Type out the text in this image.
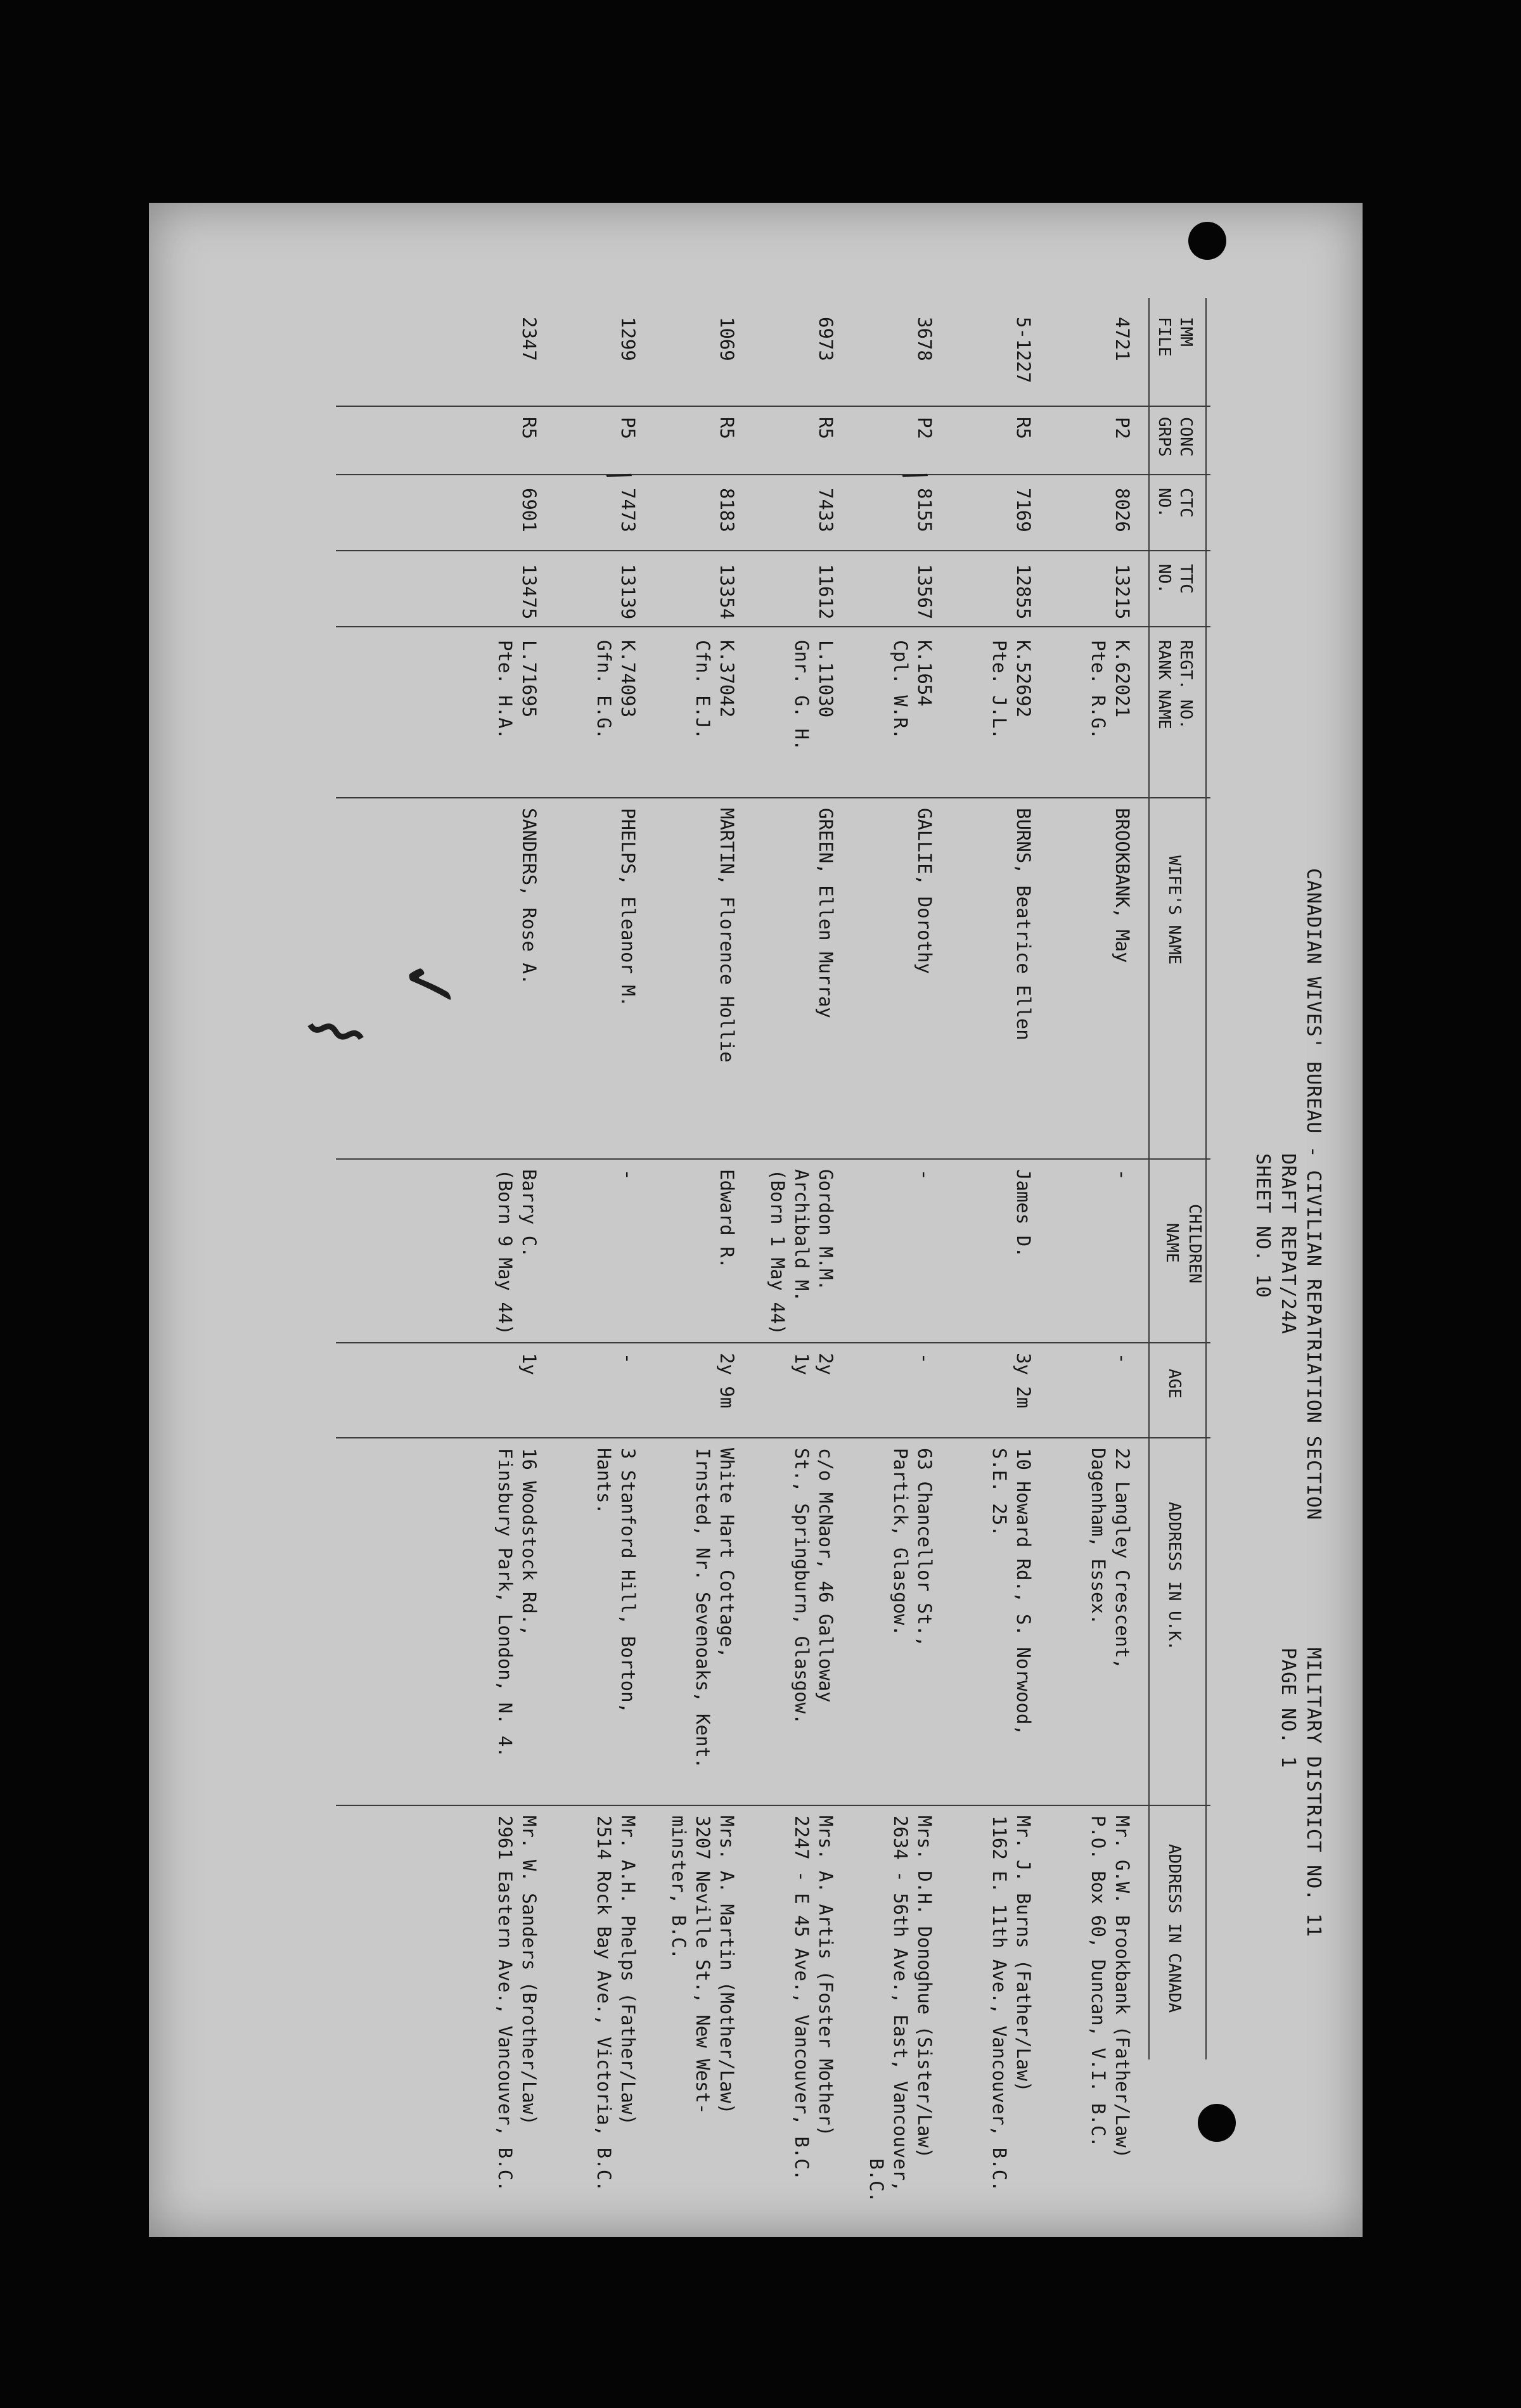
CANADIAN WIVES' BUREAU - CIVILIAN REPATRIATION SECTION
DRAFT REPAT/24A
SHEET NO. 10
MILITARY DISTRICT NO. 11
PAGE NO. 1
IMM
FILE
CONC
GRPS
CTC
NO.
TTC
NO.
REGT. NO.
RANK NAME
WIFE'S NAME
CHILDREN
NAME
AGE
ADDRESS IN U.K.
ADDRESS IN CANADA
4721
P2
8026
13215
K.62021
Pte. R.G.
BROOKBANK, May
-
-
22 Langley Crescent,
Dagenham, Essex.
Mr. G.W. Brookbank (Father/Law)
P.O. Box 60, Duncan, V.I. B.C.
5-1227
R5
7169
12855
K.52692
Pte. J.L.
BURNS, Beatrice Ellen
James D.
3y 2m
10 Howard Rd., S. Norwood,
S.E. 25.
Mr. J. Burns (Father/Law)
1162 E. 11th Ave., Vancouver, B.C.
3678
P2
8155
13567
K.1654
Cpl. W.R.
GALLIE, Dorothy
-
-
63 Chancellor St.,
Partick, Glasgow.
Mrs. D.H. Donoghue (Sister/Law)
2634 - 56th Ave., East, Vancouver,
B.C.
6973
R5
7433
11612
L.11030
Gnr. G. H.
GREEN, Ellen Murray
Gordon M.M.
Archibald M.
(Born 1 May 44)
2y
1y
c/o McNaor, 46 Galloway
St., Springburn, Glasgow.
Mrs. A. Artis (Foster Mother)
2247 - E 45 Ave., Vancouver, B.C.
1069
R5
8183
13354
K.37042
Cfn. E.J.
MARTIN, Florence Hollie
Edward R.
2y 9m
White Hart Cottage,
Irnsted, Nr. Sevenoaks, Kent.
Mrs. A. Martin (Mother/Law)
3207 Neville St., New West-
minster, B.C.
1299
P5
7473
13139
K.74093
Gfn. E.G.
PHELPS, Eleanor M.
-
-
3 Stanford Hill, Borton,
Hants.
Mr. A.H. Phelps (Father/Law)
2514 Rock Bay Ave., Victoria, B.C.
2347
R5
6901
13475
L.71695
Pte. H.A.
SANDERS, Rose A.
Barry C.
(Born 9 May 44)
1y
16 Woodstock Rd.,
Finsbury Park, London, N. 4.
Mr. W. Sanders (Brother/Law)
2961 Eastern Ave., Vancouver, B.C.
/
/
✓
⌇
